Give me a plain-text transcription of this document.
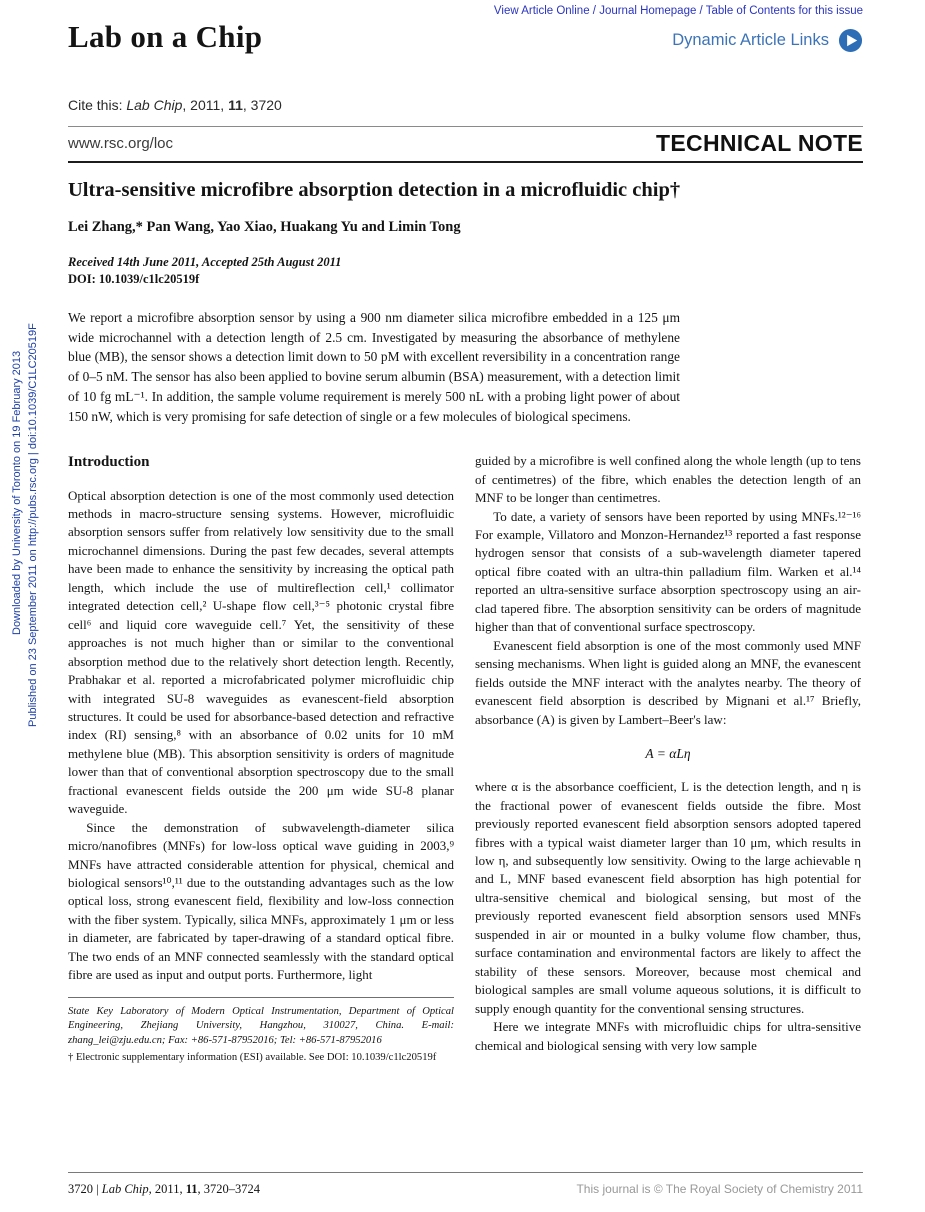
Downloaded by University of Toronto on 19 February 2013 Published on 23 September 2011 on http://pubs.rsc.org | doi:10.1039/C1LC20519F
View Article Online / Journal Homepage / Table of Contents for this issue
Lab on a Chip	Dynamic Article Links
Cite this: Lab Chip, 2011, 11, 3720
www.rsc.org/loc	TECHNICAL NOTE
Ultra-sensitive microfibre absorption detection in a microfluidic chip†
Lei Zhang,* Pan Wang, Yao Xiao, Huakang Yu and Limin Tong
Received 14th June 2011, Accepted 25th August 2011
DOI: 10.1039/c1lc20519f
We report a microfibre absorption sensor by using a 900 nm diameter silica microfibre embedded in a 125 μm wide microchannel with a detection length of 2.5 cm. Investigated by measuring the absorbance of methylene blue (MB), the sensor shows a detection limit down to 50 pM with excellent reversibility in a concentration range of 0–5 nM. The sensor has also been applied to bovine serum albumin (BSA) measurement, with a detection limit of 10 fg mL⁻¹. In addition, the sample volume requirement is merely 500 nL with a probing light power of about 150 nW, which is very promising for safe detection of single or a few molecules of biological specimens.
Introduction

Optical absorption detection is one of the most commonly used detection methods in macro-structure sensing systems. However, microfluidic absorption sensors suffer from relatively low sensitivity due to the small microchannel dimensions. During the past few decades, several attempts have been made to enhance the sensitivity by increasing the optical path length, which include the use of multireflection cell,¹ collimator integrated detection cell,² U-shape flow cell,³⁻⁵ photonic crystal fibre cell⁶ and liquid core waveguide cell.⁷ Yet, the sensitivity of these approaches is not much higher than or similar to the conventional absorption method due to the relatively short detection length. Recently, Prabhakar et al. reported a microfabricated polymer microfluidic chip with integrated SU-8 waveguides as evanescent-field absorption structures. It could be used for absorbance-based detection and refractive index (RI) sensing,⁸ with an absorbance of 0.02 units for 10 mM methylene blue (MB). This absorption sensitivity is orders of magnitude lower than that of conventional absorption spectroscopy due to the small fractional evanescent fields outside the 200 μm wide SU-8 planar waveguide.

Since the demonstration of subwavelength-diameter silica micro/nanofibres (MNFs) for low-loss optical wave guiding in 2003,⁹ MNFs have attracted considerable attention for physical, chemical and biological sensors¹⁰,¹¹ due to the outstanding advantages such as the low optical loss, strong evanescent field, flexibility and low-loss connection with the fiber system. Typically, silica MNFs, approximately 1 μm or less in diameter, are fabricated by taper-drawing of a standard optical fibre. The two ends of an MNF connected seamlessly with the standard optical fibre are used as input and output ports. Furthermore, light

State Key Laboratory of Modern Optical Instrumentation, Department of Optical Engineering, Zhejiang University, Hangzhou, 310027, China. E-mail: zhang_lei@zju.edu.cn; Fax: +86-571-87952016; Tel: +86-571-87952016
† Electronic supplementary information (ESI) available. See DOI: 10.1039/c1lc20519f

guided by a microfibre is well confined along the whole length (up to tens of centimetres) of the fibre, which enables the detection length of an MNF to be longer than centimetres.

To date, a variety of sensors have been reported by using MNFs.¹²⁻¹⁶ For example, Villatoro and Monzon-Hernandez¹³ reported a fast response hydrogen sensor that consists of a sub-wavelength diameter tapered optical fibre coated with an ultra-thin palladium film. Warken et al.¹⁴ reported an ultra-sensitive surface absorption spectroscopy using an air-clad tapered fibre. The absorption sensitivity can be orders of magnitude higher than that of conventional surface spectroscopy.

Evanescent field absorption is one of the most commonly used MNF sensing mechanisms. When light is guided along an MNF, the evanescent fields outside the MNF interact with the analytes nearby. The theory of evanescent field absorption is described by Mignani et al.¹⁷ Briefly, absorbance (A) is given by Lambert–Beer's law:

A = αLη

where α is the absorbance coefficient, L is the detection length, and η is the fractional power of evanescent fields outside the fibre. Most previously reported evanescent field absorption sensors adopted tapered fibres with a typical waist diameter larger than 10 μm, which results in low η, and subsequently low sensitivity. Owing to the large achievable η and L, MNF based evanescent field absorption has high potential for ultra-sensitive chemical and biological sensing, but most of the previously reported evanescent field absorption sensors used MNFs suspended in air or mounted in a bulky volume flow chamber, thus, surface contamination and environmental factors are likely to affect the stability of these sensors. Moreover, because most chemical and biological samples are small volume aqueous solutions, it is difficult to supply enough quantity for the conventional sensing structures.

Here we integrate MNFs with microfluidic chips for ultra-sensitive chemical and biological sensing with very low sample

3720 | Lab Chip, 2011, 11, 3720–3724	This journal is © The Royal Society of Chemistry 2011
